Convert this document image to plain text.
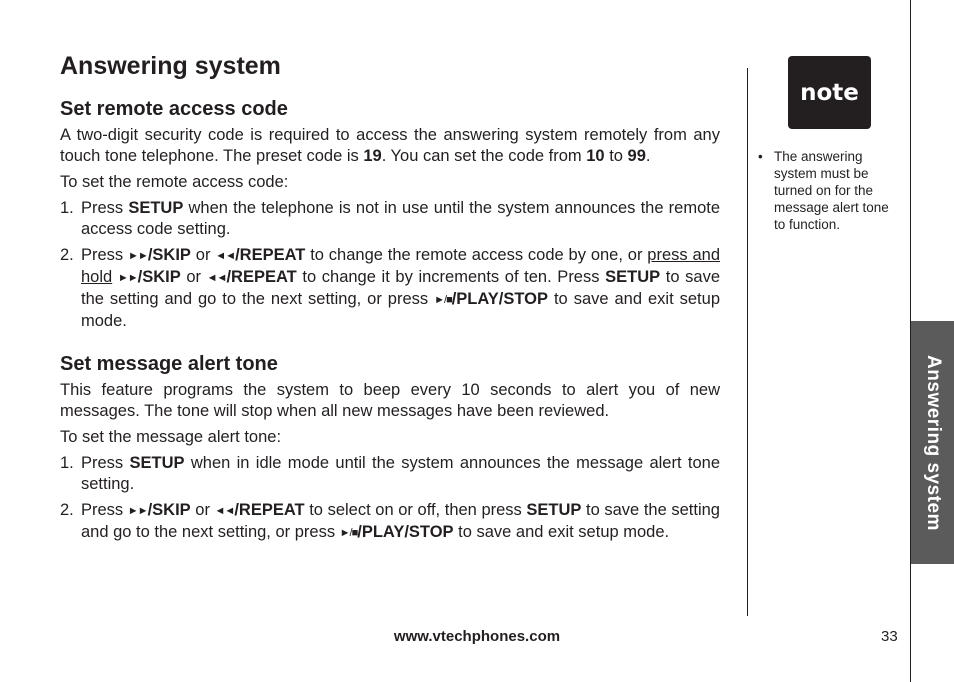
Answering system
Set remote access code

A two-digit security code is required to access the answering system remotely from any touch tone telephone. The preset code is 19. You can set the code from 10 to 99.

To set the remote access code:

1. Press SETUP when the telephone is not in use until the system announces the remote access code setting.
2. Press ►►/SKIP or ◄◄/REPEAT to change the remote access code by one, or press and hold ►►/SKIP or ◄◄/REPEAT to change it by increments of ten. Press SETUP to save the setting and go to the next setting, or press ►/■/PLAY/STOP to save and exit setup mode.
Set message alert tone

This feature programs the system to beep every 10 seconds to alert you of new messages. The tone will stop when all new messages have been reviewed.

To set the message alert tone:

1. Press SETUP when in idle mode until the system announces the message alert tone setting.
2. Press ►►/SKIP or ◄◄/REPEAT to select on or off, then press SETUP to save the setting and go to the next setting, or press ►/■/PLAY/STOP to save and exit setup mode.
note
• The answering system must be turned on for the message alert tone to function.
Answering system
www.vtechphones.com	33
